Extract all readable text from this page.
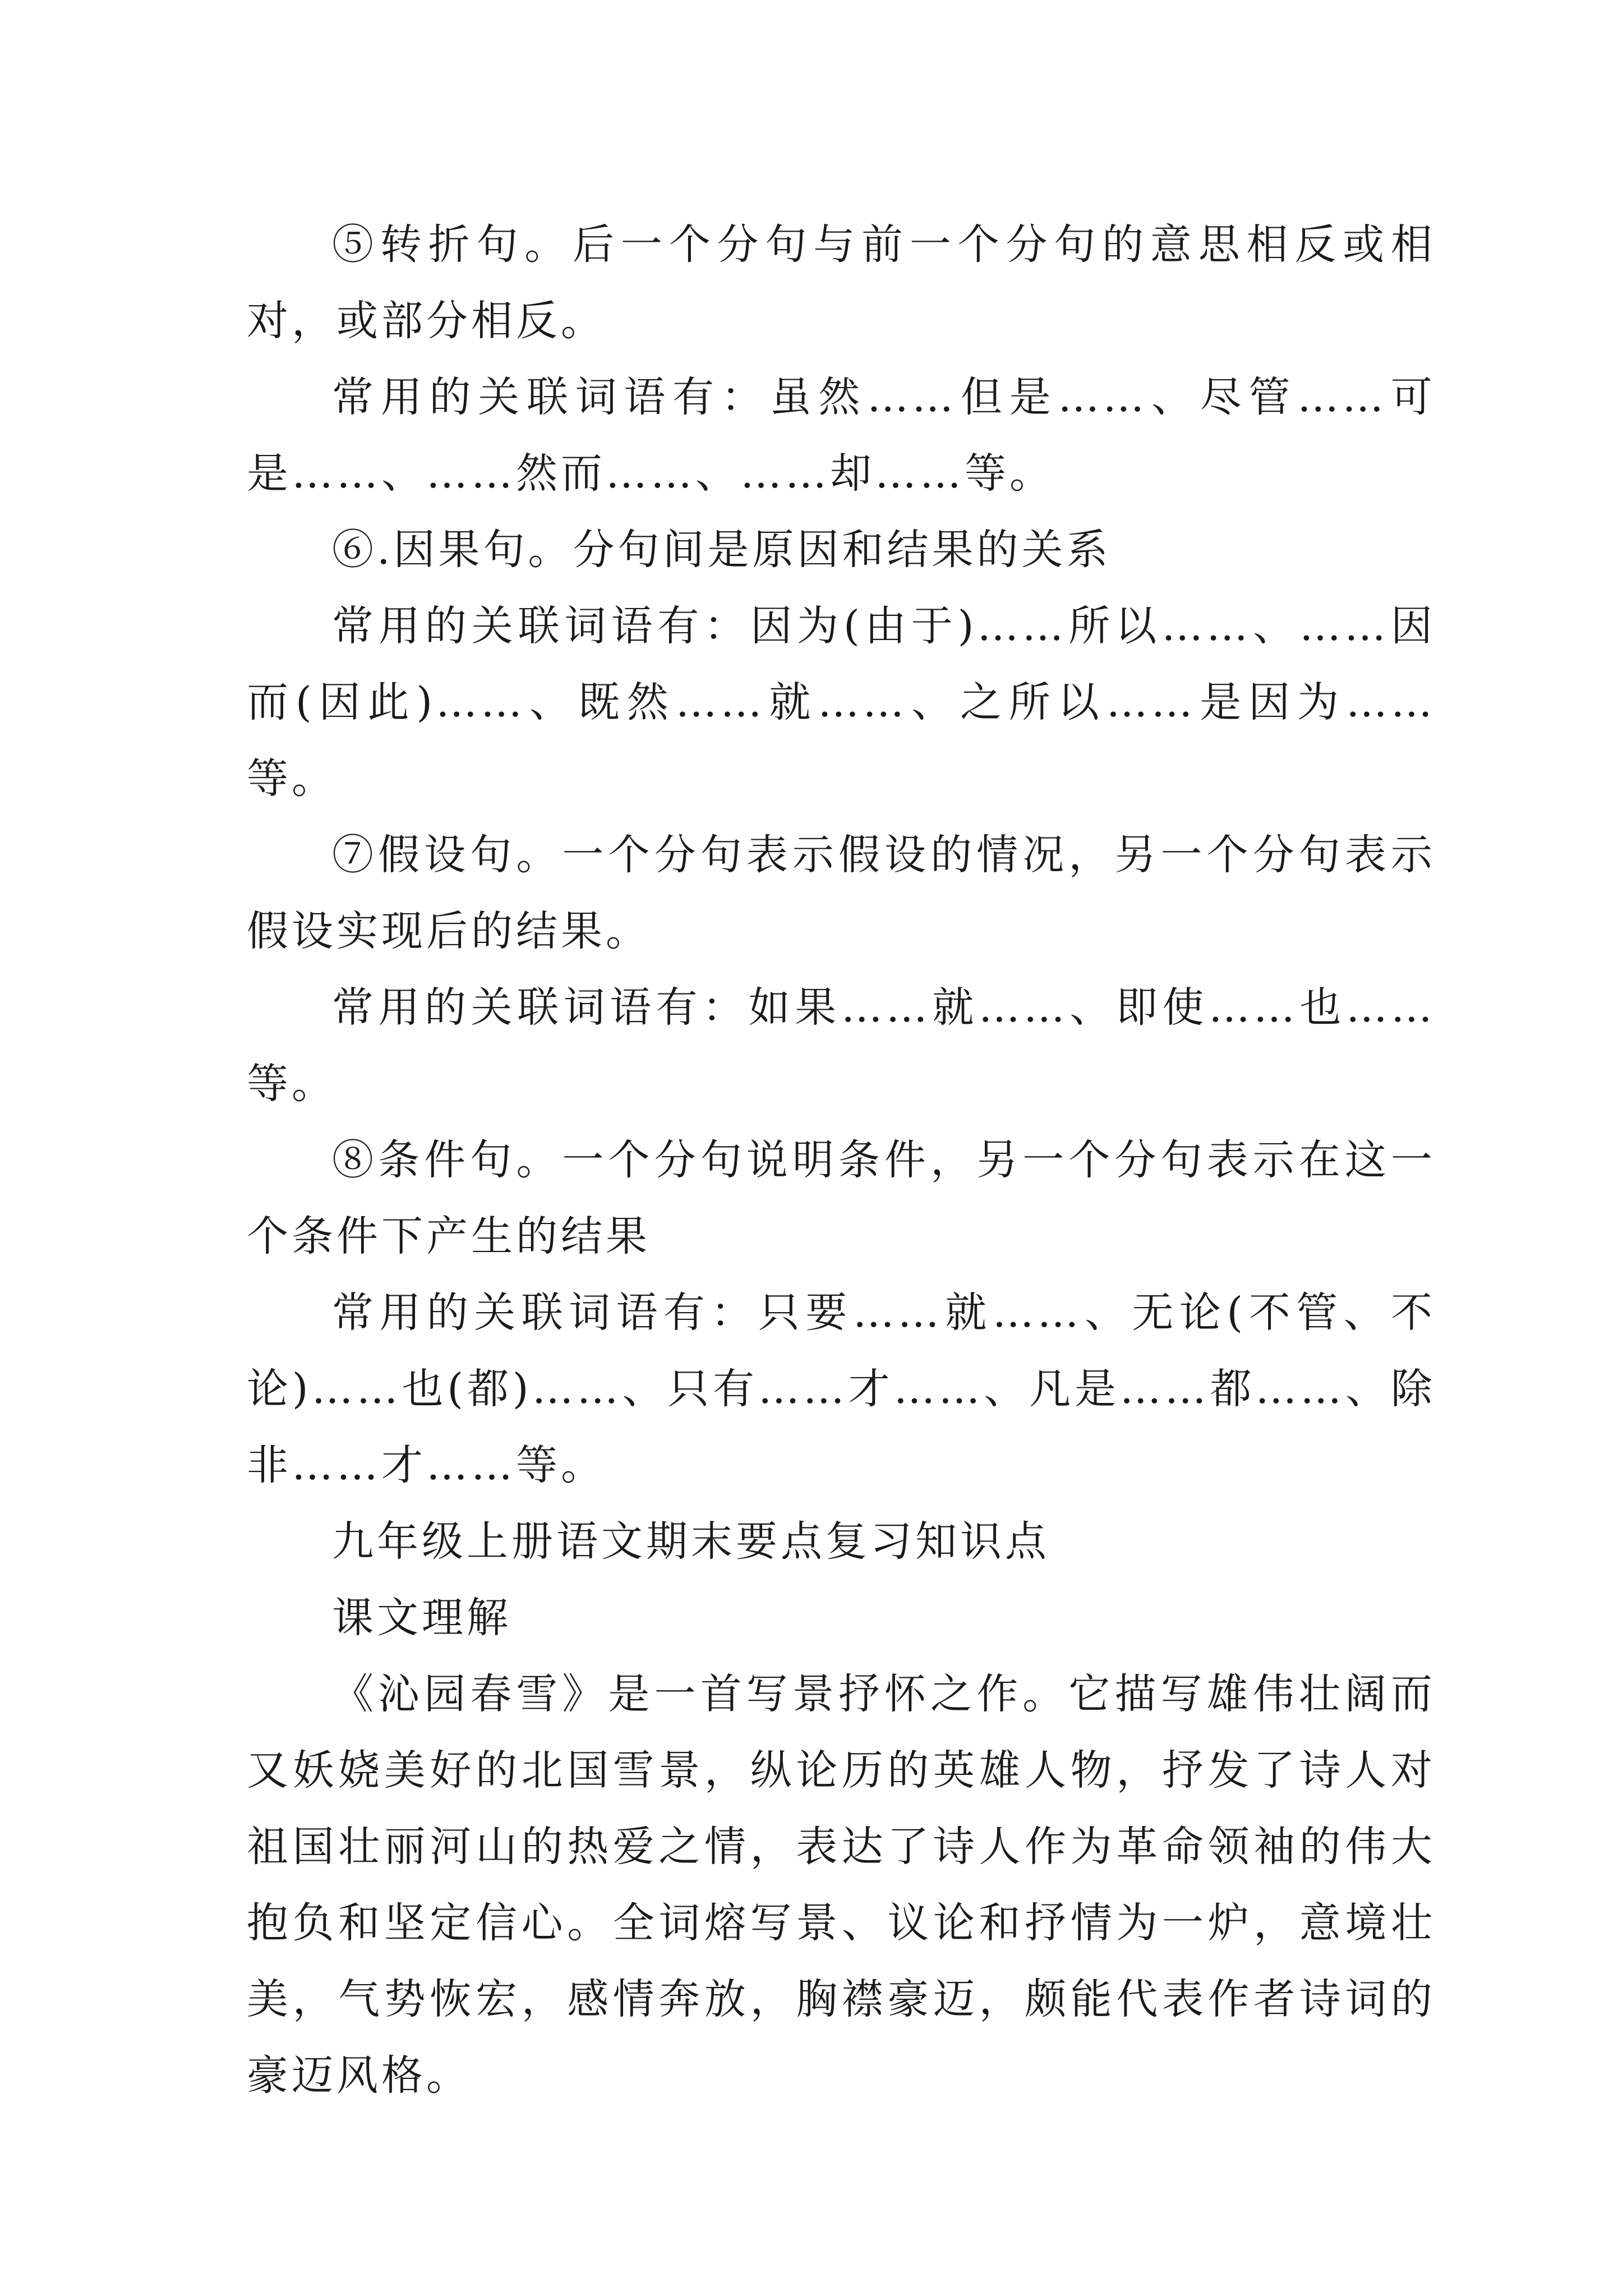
⑤转折句。后一个分句与前一个分句的意思相反或相对，或部分相反。

常用的关联词语有：虽然……但是……、尽管……可是……、……然而……、……却……等。

⑥.因果句。分句间是原因和结果的关系

常用的关联词语有：因为(由于)……所以……、……因而(因此)……、既然……就……、之所以……是因为……等。

⑦假设句。一个分句表示假设的情况，另一个分句表示假设实现后的结果。

常用的关联词语有：如果……就……、即使……也……等。

⑧条件句。一个分句说明条件，另一个分句表示在这一个条件下产生的结果

常用的关联词语有：只要……就……、无论(不管、不论)……也(都)……、只有……才……、凡是……都……、除非……才……等。

九年级上册语文期末要点复习知识点

课文理解

《沁园春雪》是一首写景抒怀之作。它描写雄伟壮阔而又妖娆美好的北国雪景，纵论历的英雄人物，抒发了诗人对祖国壮丽河山的热爱之情，表达了诗人作为革命领袖的伟大抱负和坚定信心。全词熔写景、议论和抒情为一炉，意境壮美，气势恢宏，感情奔放，胸襟豪迈，颇能代表作者诗词的豪迈风格。
